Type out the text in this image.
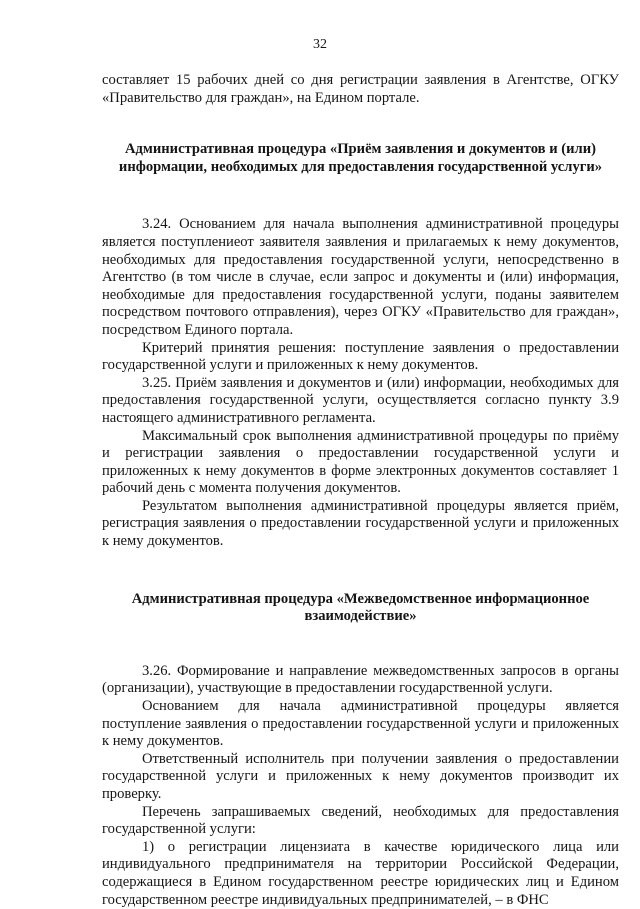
32

составляет 15 рабочих дней со дня регистрации заявления в Агентстве, ОГКУ «Правительство для граждан», на Едином портале.

Административная процедура «Приём заявления и документов и (или) информации, необходимых для предоставления государственной услуги»

3.24. Основанием для начала выполнения административной процедуры является поступлениеот заявителя заявления и прилагаемых к нему документов, необходимых для предоставления государственной услуги, непосредственно в Агентство (в том числе в случае, если запрос и документы и (или) информация, необходимые для предоставления государственной услуги, поданы заявителем посредством почтового отправления), через ОГКУ «Правительство для граждан», посредством Единого портала.

Критерий принятия решения: поступление заявления о предоставлении государственной услуги и приложенных к нему документов.

3.25. Приём заявления и документов и (или) информации, необходимых для предоставления государственной услуги, осуществляется согласно пункту 3.9 настоящего административного регламента.

Максимальный срок выполнения административной процедуры по приёму и регистрации заявления о предоставлении государственной услуги и приложенных к нему документов в форме электронных документов составляет 1 рабочий день с момента получения документов.

Результатом выполнения административной процедуры является приём, регистрация заявления о предоставлении государственной услуги и приложенных к нему документов.

Административная процедура «Межведомственное информационное взаимодействие»

3.26. Формирование и направление межведомственных запросов в органы (организации), участвующие в предоставлении государственной услуги.

Основанием для начала административной процедуры является поступление заявления о предоставлении государственной услуги и приложенных к нему документов.

Ответственный исполнитель при получении заявления о предоставлении государственной услуги и приложенных к нему документов производит их проверку.

Перечень запрашиваемых сведений, необходимых для предоставления государственной услуги:

1) о регистрации лицензиата в качестве юридического лица или индивидуального предпринимателя на территории Российской Федерации, содержащиеся в Едином государственном реестре юридических лиц и Едином государственном реестре индивидуальных предпринимателей, – в ФНС
